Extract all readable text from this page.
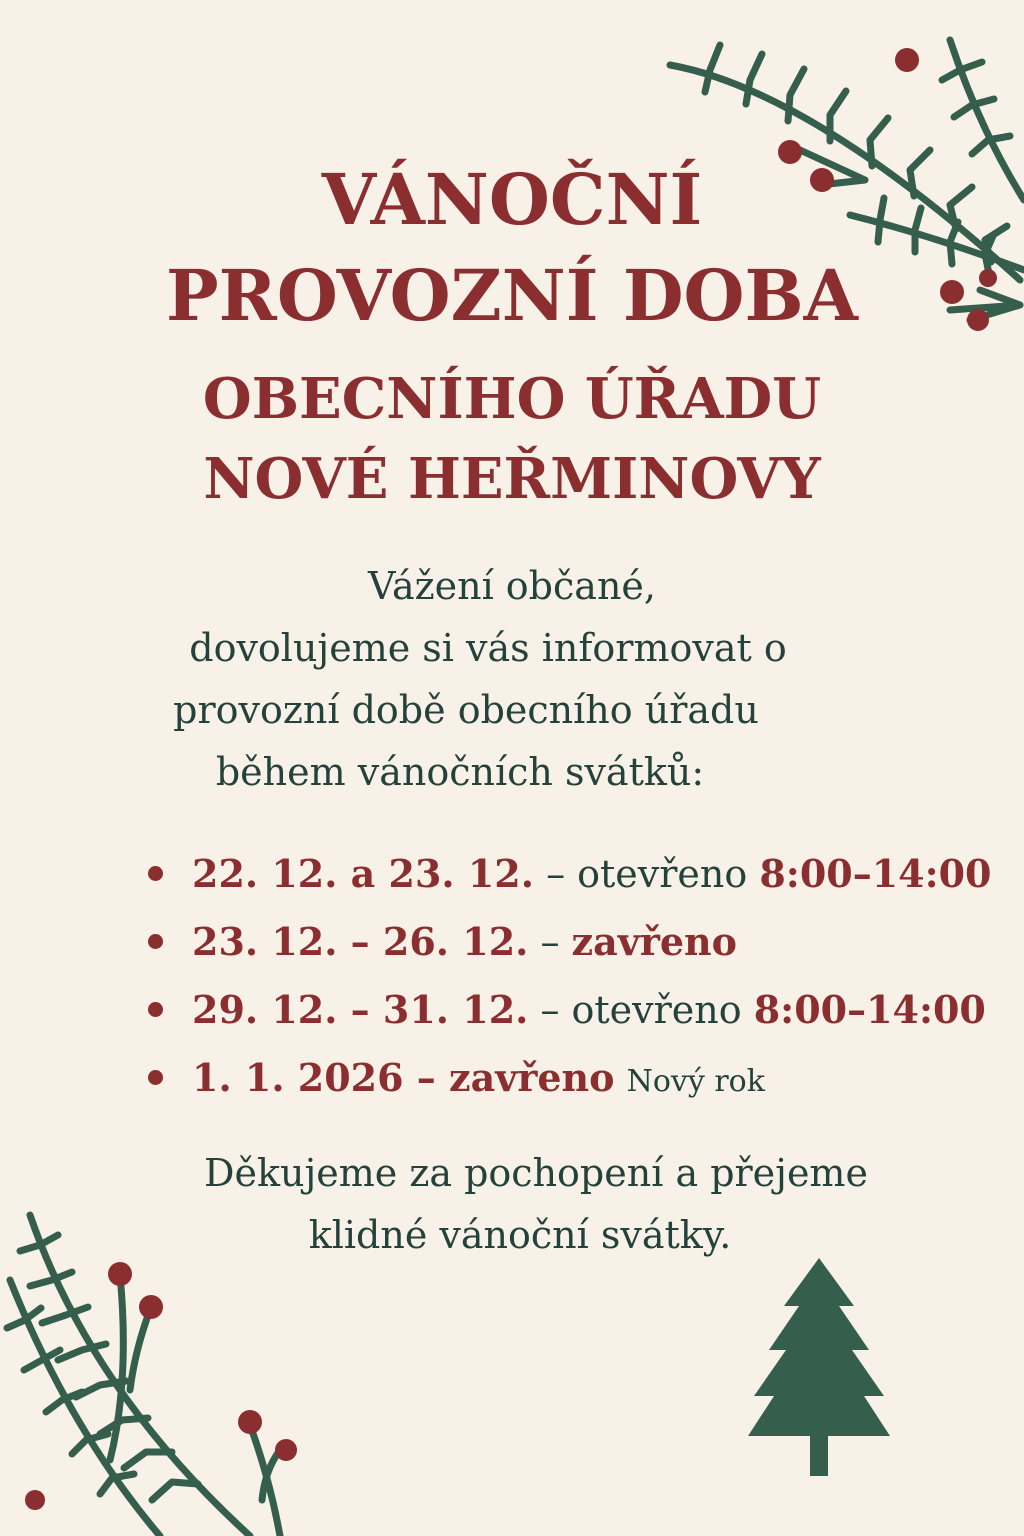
VÁNOČNÍ
PROVOZNÍ DOBA
OBECNÍHO ÚŘADU
NOVÉ HEŘMINOVY
Vážení občané,
dovolujeme si vás informovat o
provozní době obecního úřadu
během vánočních svátků:
22. 12. a 23. 12. – otevřeno 8:00–14:00
23. 12. – 26. 12. – zavřeno
29. 12. – 31. 12. – otevřeno 8:00–14:00
1. 1. 2026 – zavřeno Nový rok
Děkujeme za pochopení a přejeme
klidné vánoční svátky.
